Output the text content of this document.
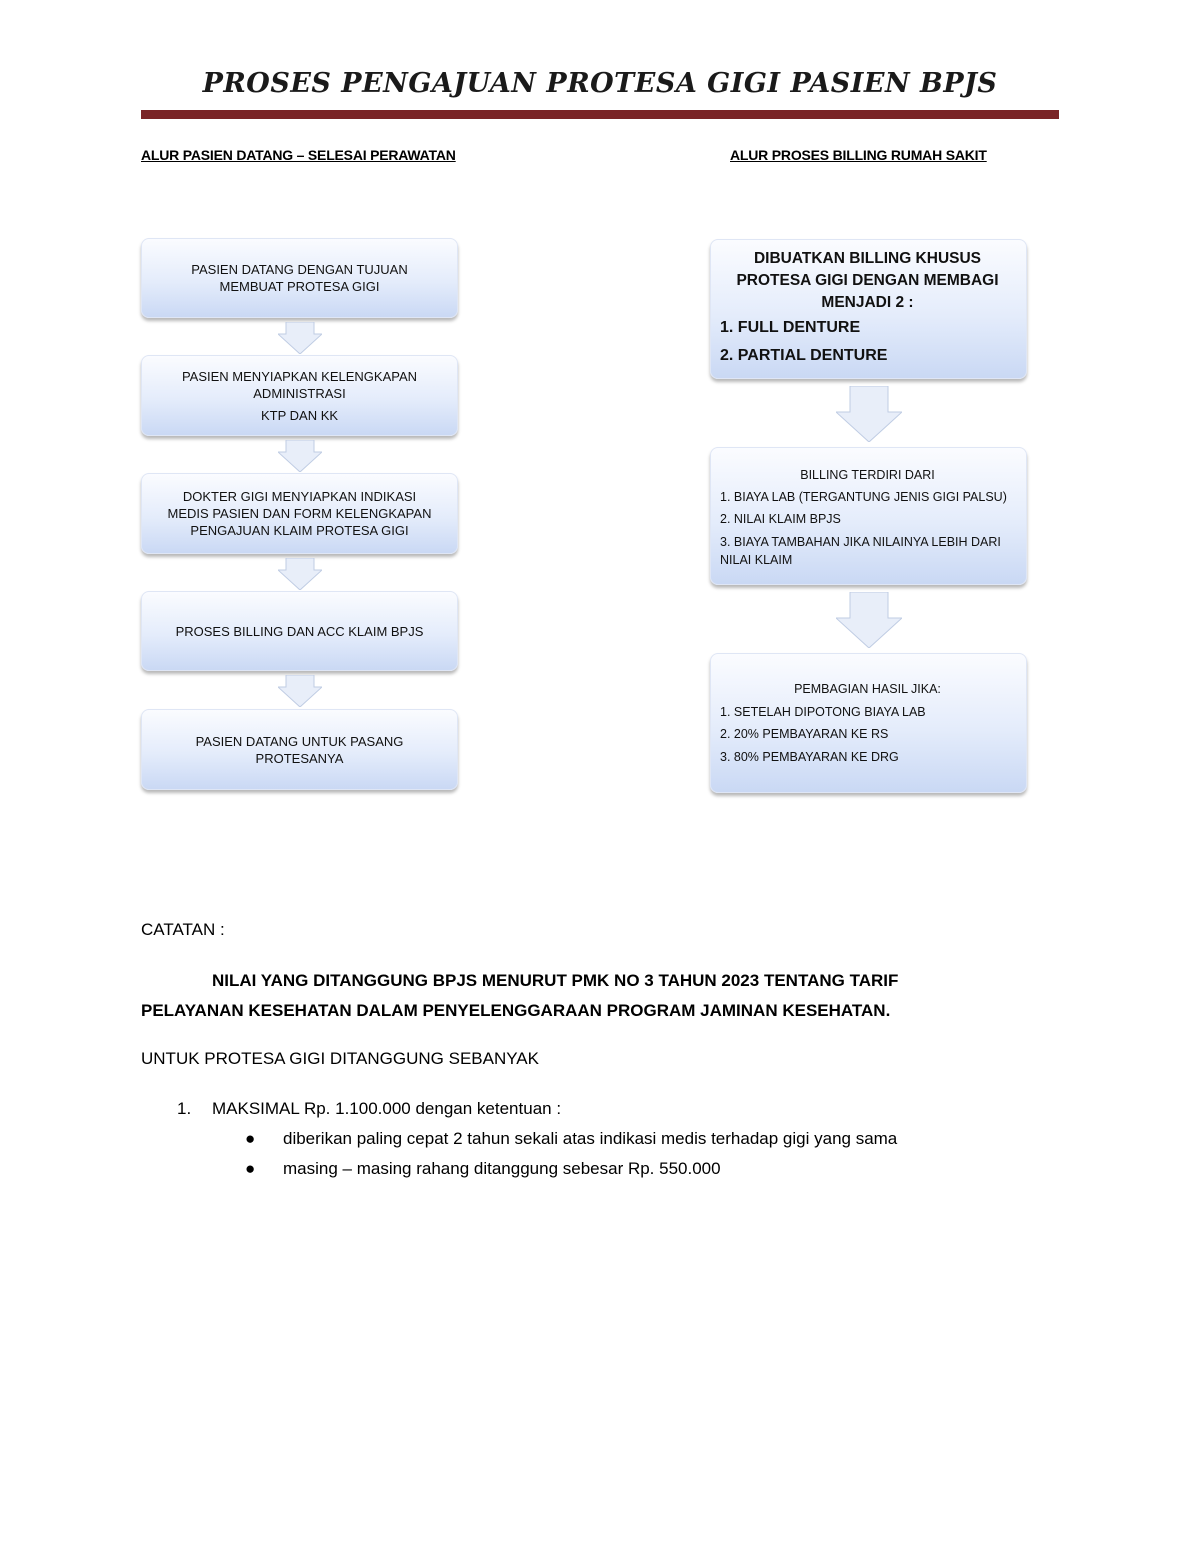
PROSES PENGAJUAN PROTESA GIGI PASIEN BPJS
ALUR PASIEN DATANG – SELESAI PERAWATAN	ALUR PROSES BILLING RUMAH SAKIT
PASIEN DATANG DENGAN TUJUAN
MEMBUAT PROTESA GIGI
PASIEN MENYIAPKAN KELENGKAPAN
ADMINISTRASI
KTP DAN KK
DOKTER GIGI MENYIAPKAN INDIKASI
MEDIS PASIEN DAN FORM KELENGKAPAN
PENGAJUAN KLAIM PROTESA GIGI
PROSES BILLING DAN ACC KLAIM BPJS
PASIEN DATANG UNTUK PASANG
PROTESANYA
DIBUATKAN BILLING KHUSUS
PROTESA GIGI DENGAN MEMBAGI
MENJADI 2 :
1. FULL DENTURE
2. PARTIAL DENTURE
BILLING TERDIRI DARI
1. BIAYA LAB (TERGANTUNG JENIS GIGI PALSU)
2. NILAI KLAIM BPJS
3. BIAYA TAMBAHAN JIKA NILAINYA LEBIH DARI
NILAI KLAIM
PEMBAGIAN HASIL JIKA:
1. SETELAH DIPOTONG BIAYA LAB
2. 20% PEMBAYARAN KE RS
3. 80% PEMBAYARAN KE DRG
CATATAN :
NILAI YANG DITANGGUNG BPJS MENURUT PMK NO 3 TAHUN 2023 TENTANG TARIF
PELAYANAN KESEHATAN DALAM PENYELENGGARAAN PROGRAM JAMINAN KESEHATAN.
UNTUK PROTESA GIGI DITANGGUNG SEBANYAK
1. MAKSIMAL Rp. 1.100.000 dengan ketentuan :
● diberikan paling cepat 2 tahun sekali atas indikasi medis terhadap gigi yang sama
● masing – masing rahang ditanggung sebesar Rp. 550.000
